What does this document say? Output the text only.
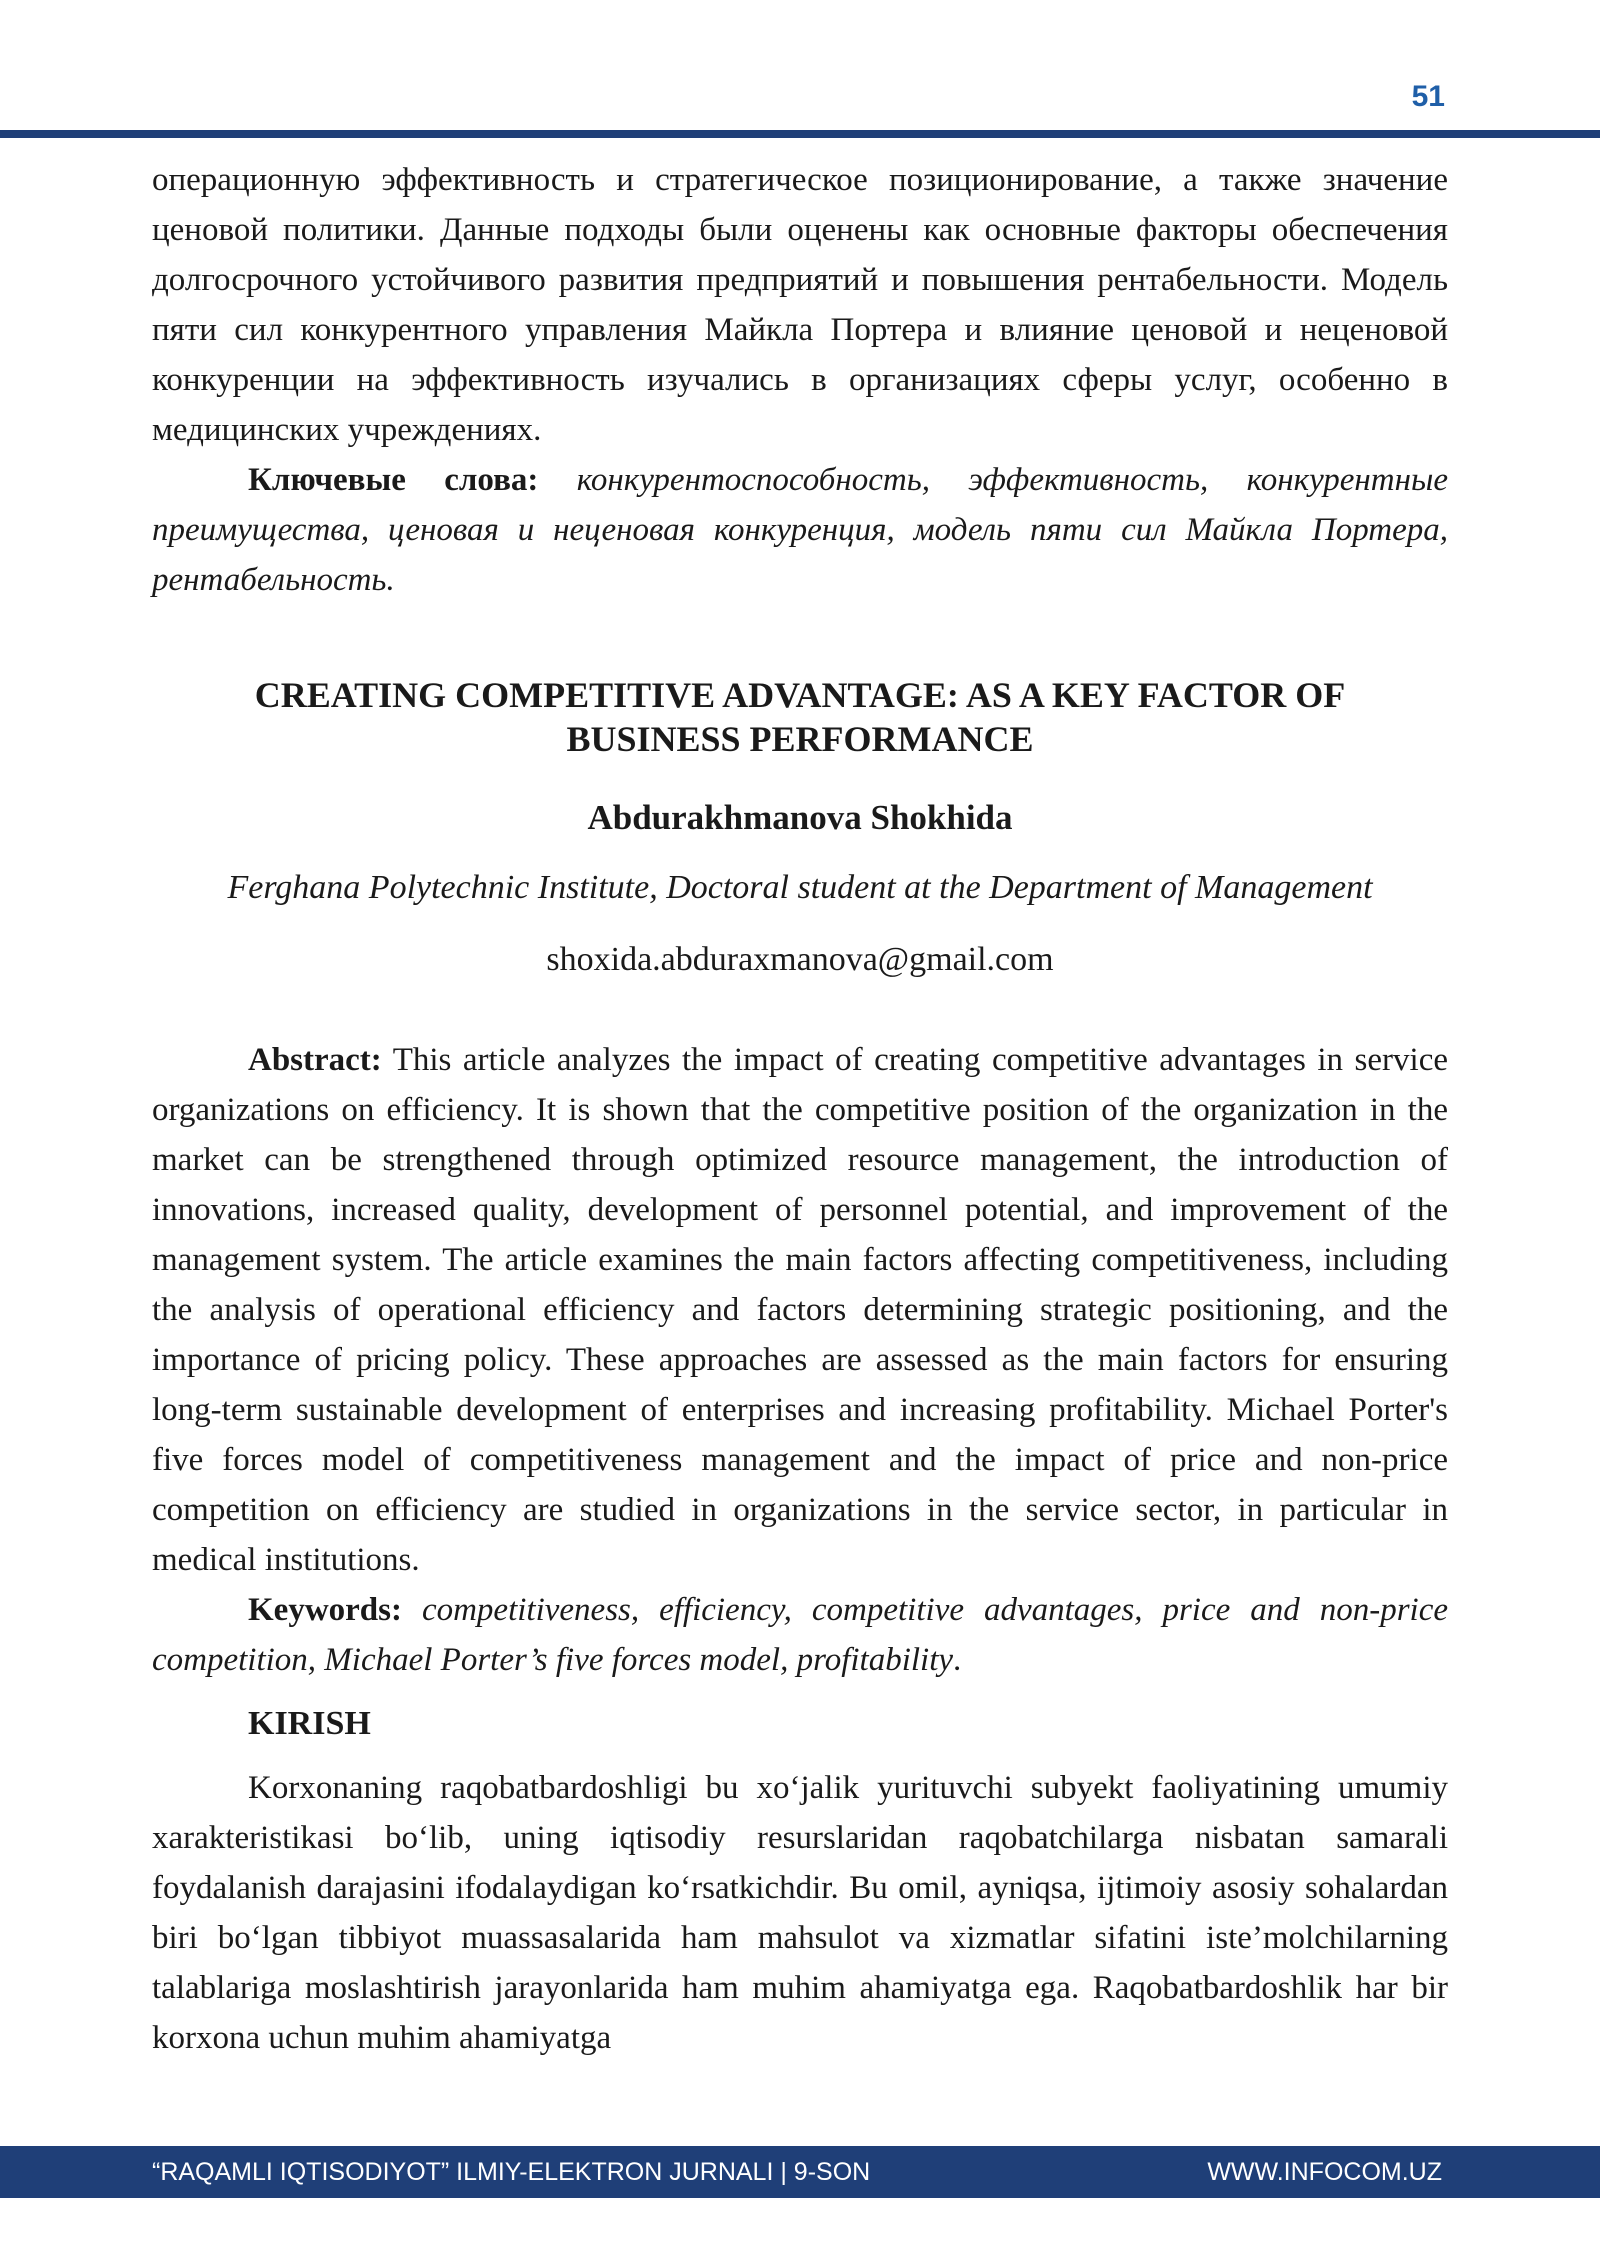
51

операционную эффективность и стратегическое позиционирование, а также значение ценовой политики. Данные подходы были оценены как основные факторы обеспечения долгосрочного устойчивого развития предприятий и повышения рентабельности. Модель пяти сил конкурентного управления Майкла Портера и влияние ценовой и неценовой конкуренции на эффективность изучались в организациях сферы услуг, особенно в медицинских учреждениях.

Ключевые слова: конкурентоспособность, эффективность, конкурентные преимущества, ценовая и неценовая конкуренция, модель пяти сил Майкла Портера, рентабельность.

CREATING COMPETITIVE ADVANTAGE: AS A KEY FACTOR OF BUSINESS PERFORMANCE
Abdurakhmanova Shokhida
Ferghana Polytechnic Institute, Doctoral student at the Department of Management
shoxida.abduraxmanova@gmail.com

Abstract: This article analyzes the impact of creating competitive advantages in service organizations on efficiency. It is shown that the competitive position of the organization in the market can be strengthened through optimized resource management, the introduction of innovations, increased quality, development of personnel potential, and improvement of the management system. The article examines the main factors affecting competitiveness, including the analysis of operational efficiency and factors determining strategic positioning, and the importance of pricing policy. These approaches are assessed as the main factors for ensuring long-term sustainable development of enterprises and increasing profitability. Michael Porter's five forces model of competitiveness management and the impact of price and non-price competition on efficiency are studied in organizations in the service sector, in particular in medical institutions.

Keywords: competitiveness, efficiency, competitive advantages, price and non-price competition, Michael Porter’s five forces model, profitability.

KIRISH

Korxonaning raqobatbardoshligi bu xo‘jalik yurituvchi subyekt faoliyatining umumiy xarakteristikasi bo‘lib, uning iqtisodiy resurslaridan raqobatchilarga nisbatan samarali foydalanish darajasini ifodalaydigan ko‘rsatkichdir. Bu omil, ayniqsa, ijtimoiy asosiy sohalardan biri bo‘lgan tibbiyot muassasalarida ham mahsulot va xizmatlar sifatini iste’molchilarning talablariga moslashtirish jarayonlarida ham muhim ahamiyatga ega. Raqobatbardoshlik har bir korxona uchun muhim ahamiyatga

“RAQAMLI IQTISODIYOT” ILMIY-ELEKTRON JURNALI | 9-SON	WWW.INFOCOM.UZ
